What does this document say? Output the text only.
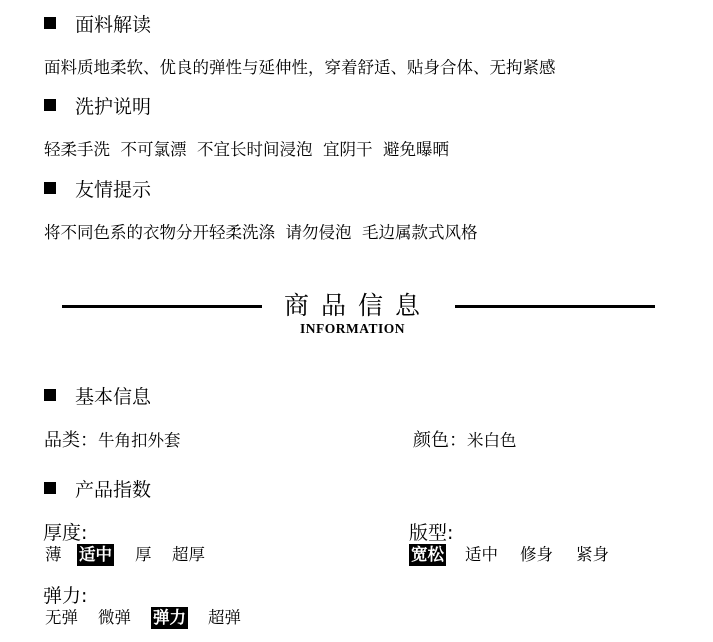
面料解读
面料质地柔软、优良的弹性与延伸性，穿着舒适、贴身合体、无拘紧感
洗护说明
轻柔手洗  不可氯漂  不宜长时间浸泡  宜阴干  避免曝晒
友情提示
将不同色系的衣物分开轻柔洗涤  请勿侵泡  毛边属款式风格
商品信息
INFORMATION
基本信息
品类：牛角扣外套	颜色：米白色
产品指数
厚度:
薄 适中 厚 超厚
版型:
宽松 适中 修身 紧身
弹力:
无弹 微弹 弹力 超弹
